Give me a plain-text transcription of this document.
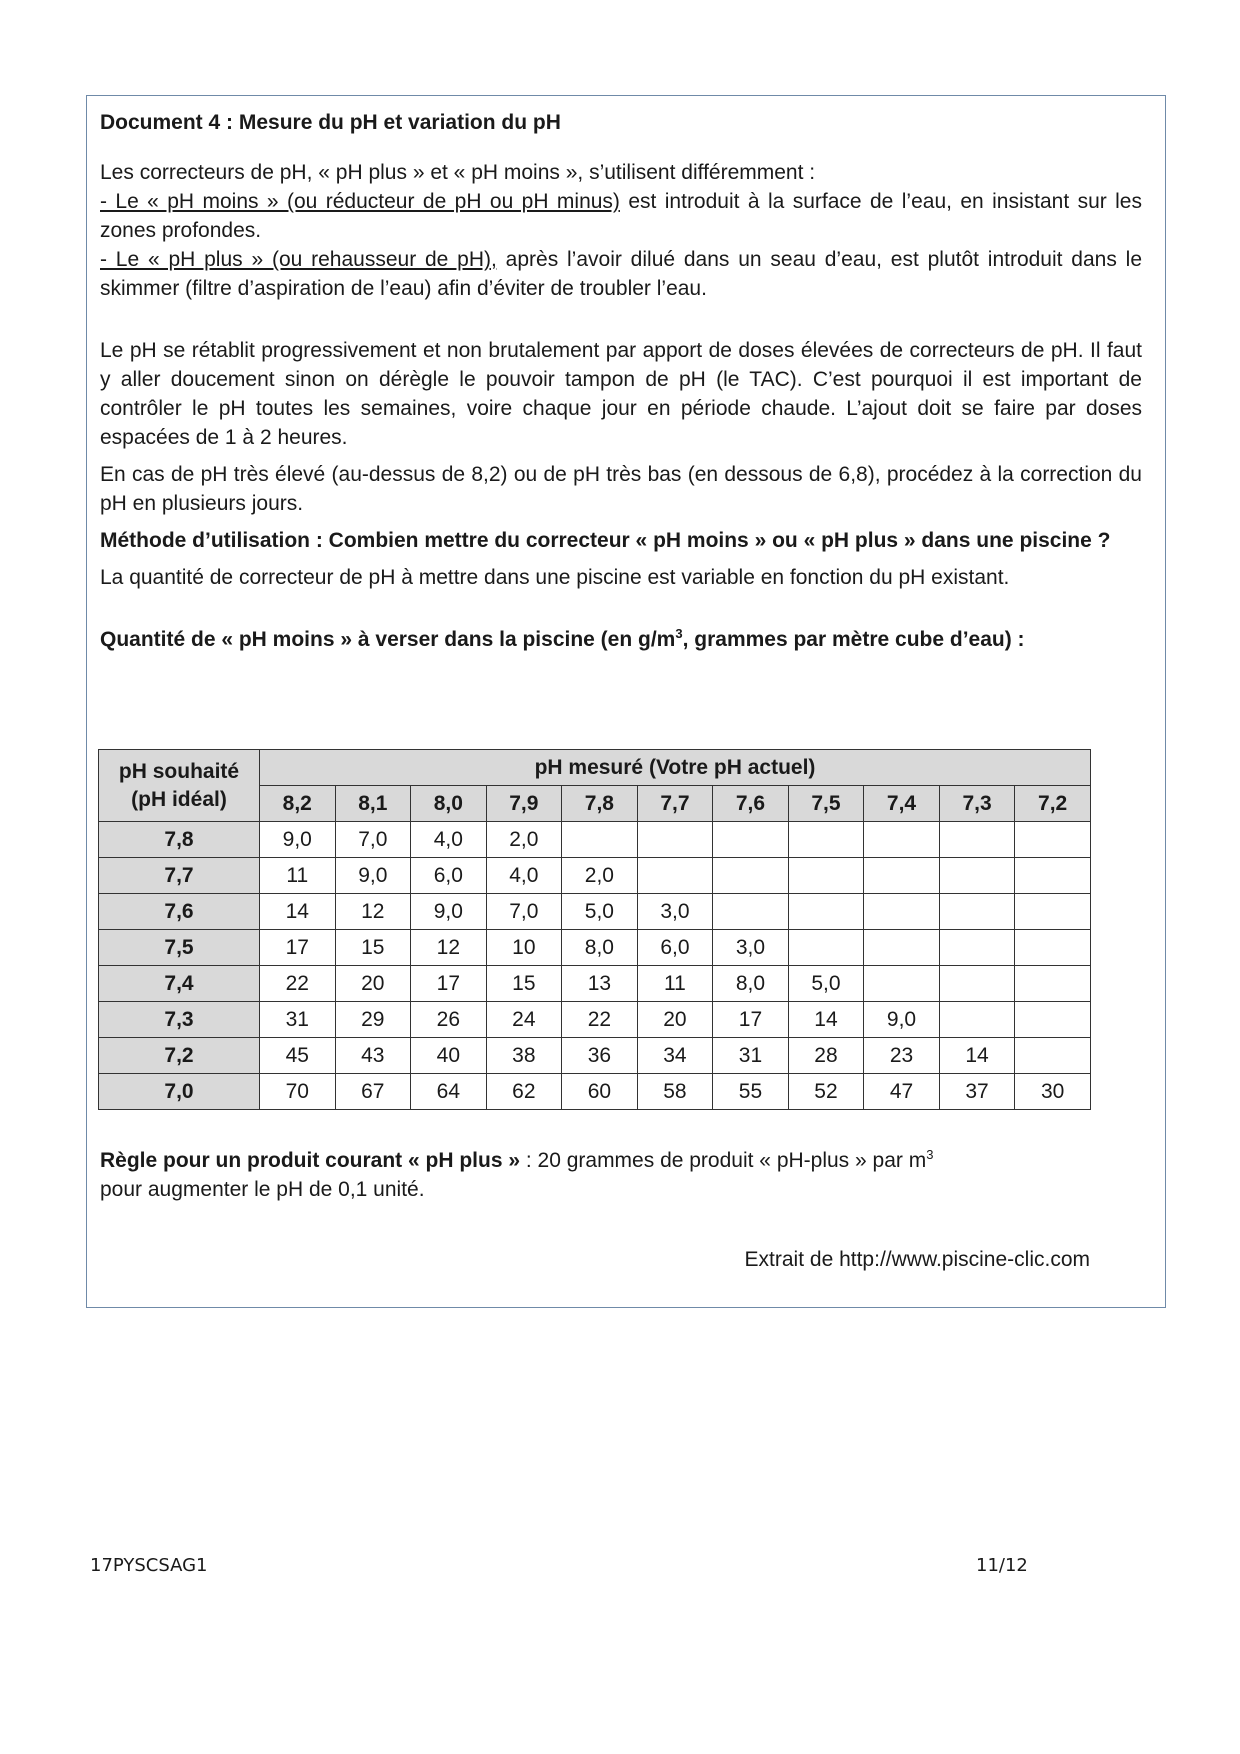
Document 4 : Mesure du pH et variation du pH

Les correcteurs de pH, « pH plus » et « pH moins », s’utilisent différemment :

- Le « pH moins » (ou réducteur de pH ou pH minus) est introduit à la surface de l’eau, en insistant sur les zones profondes.

- Le « pH plus » (ou rehausseur de pH), après l’avoir dilué dans un seau d’eau, est plutôt introduit dans le skimmer (filtre d’aspiration de l’eau) afin d’éviter de troubler l’eau.

Le pH se rétablit progressivement et non brutalement par apport de doses élevées de correcteurs de pH. Il faut y aller doucement sinon on dérègle le pouvoir tampon de pH (le TAC). C’est pourquoi il est important de contrôler le pH toutes les semaines, voire chaque jour en période chaude. L’ajout doit se faire par doses espacées de 1 à 2 heures.

En cas de pH très élevé (au-dessus de 8,2) ou de pH très bas (en dessous de 6,8), procédez à la correction du pH en plusieurs jours.

Méthode d’utilisation : Combien mettre du correcteur « pH moins » ou « pH plus » dans une piscine ?

La quantité de correcteur de pH à mettre dans une piscine est variable en fonction du pH existant.

Quantité de « pH moins » à verser dans la piscine (en $g/m^3$, grammes par mètre cube d’eau) :
pH souhaité
(pH idéal)	pH mesuré (Votre pH actuel)										
	8,2	8,1	8,0	7,9	7,8	7,7	7,6	7,5	7,4	7,3	7,2
7,8	9,0	7,0	4,0	2,0							
7,7	11	9,0	6,0	4,0	2,0						
7,6	14	12	9,0	7,0	5,0	3,0					
7,5	17	15	12	10	8,0	6,0	3,0				
7,4	22	20	17	15	13	11	8,0	5,0			
7,3	31	29	26	24	22	20	17	14	9,0		
7,2	45	43	40	38	36	34	31	28	23	14	
7,0	70	67	64	62	60	58	55	52	47	37	30
Règle pour un produit courant « pH plus » : 20 grammes de produit « pH-plus » par $m^3$
pour augmenter le pH de 0,1 unité.
Extrait de http://www.piscine-clic.com
17PYSCSAG1	11/12
